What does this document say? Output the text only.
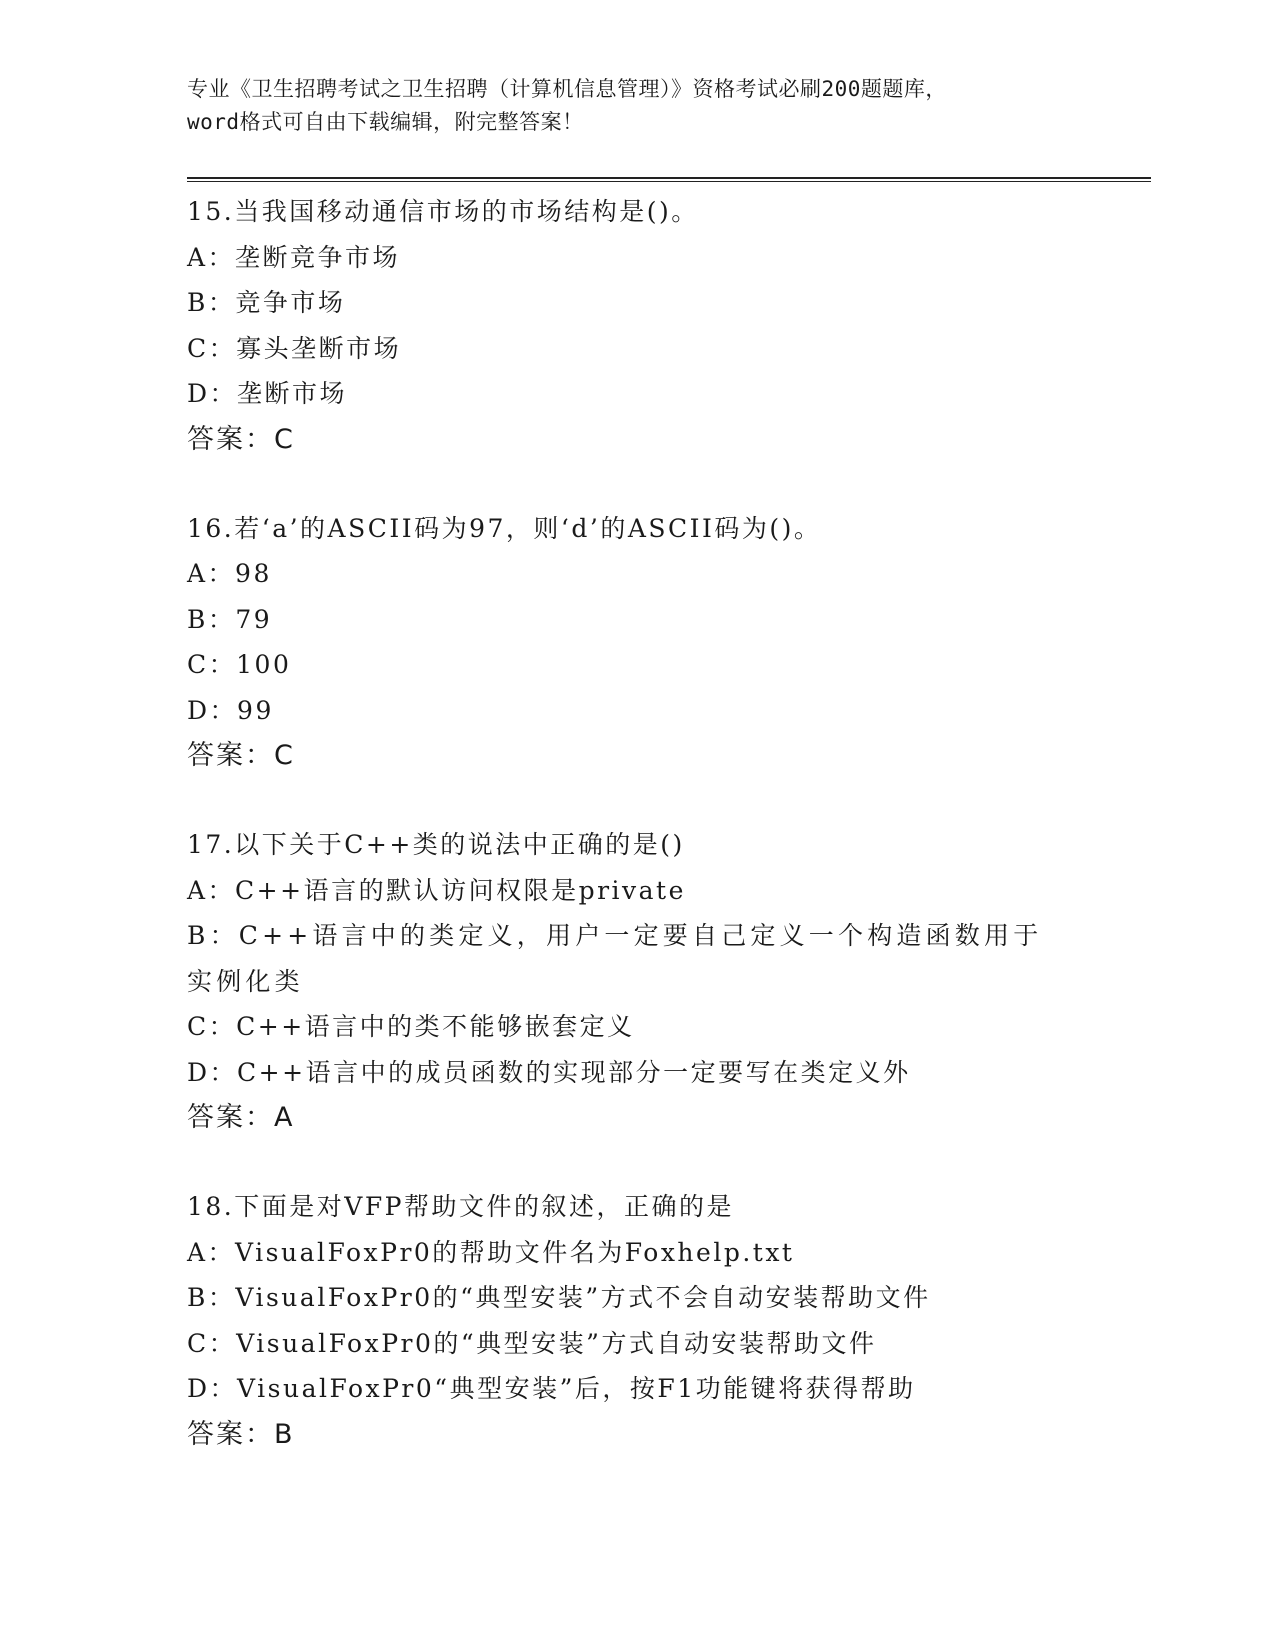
专业《卫生招聘考试之卫生招聘（计算机信息管理）》资格考试必刷200题题库，
word格式可自由下载编辑，附完整答案！
15.当我国移动通信市场的市场结构是()。
A：垄断竞争市场
B：竞争市场
C：寡头垄断市场
D：垄断市场
答案：C
16.若‘a’的ASCII码为97，则‘d’的ASCII码为()。
A：98
B：79
C：100
D：99
答案：C
17.以下关于C++类的说法中正确的是()
A：C++语言的默认访问权限是private
B：C++语言中的类定义，用户一定要自己定义一个构造函数用于实例化类
C：C++语言中的类不能够嵌套定义
D：C++语言中的成员函数的实现部分一定要写在类定义外
答案：A
18.下面是对VFP帮助文件的叙述，正确的是
A：VisualFoxPr0的帮助文件名为Foxhelp.txt
B：VisualFoxPr0的“典型安装”方式不会自动安装帮助文件
C：VisualFoxPr0的“典型安装”方式自动安装帮助文件
D：VisualFoxPr0“典型安装”后，按F1功能键将获得帮助
答案：B
